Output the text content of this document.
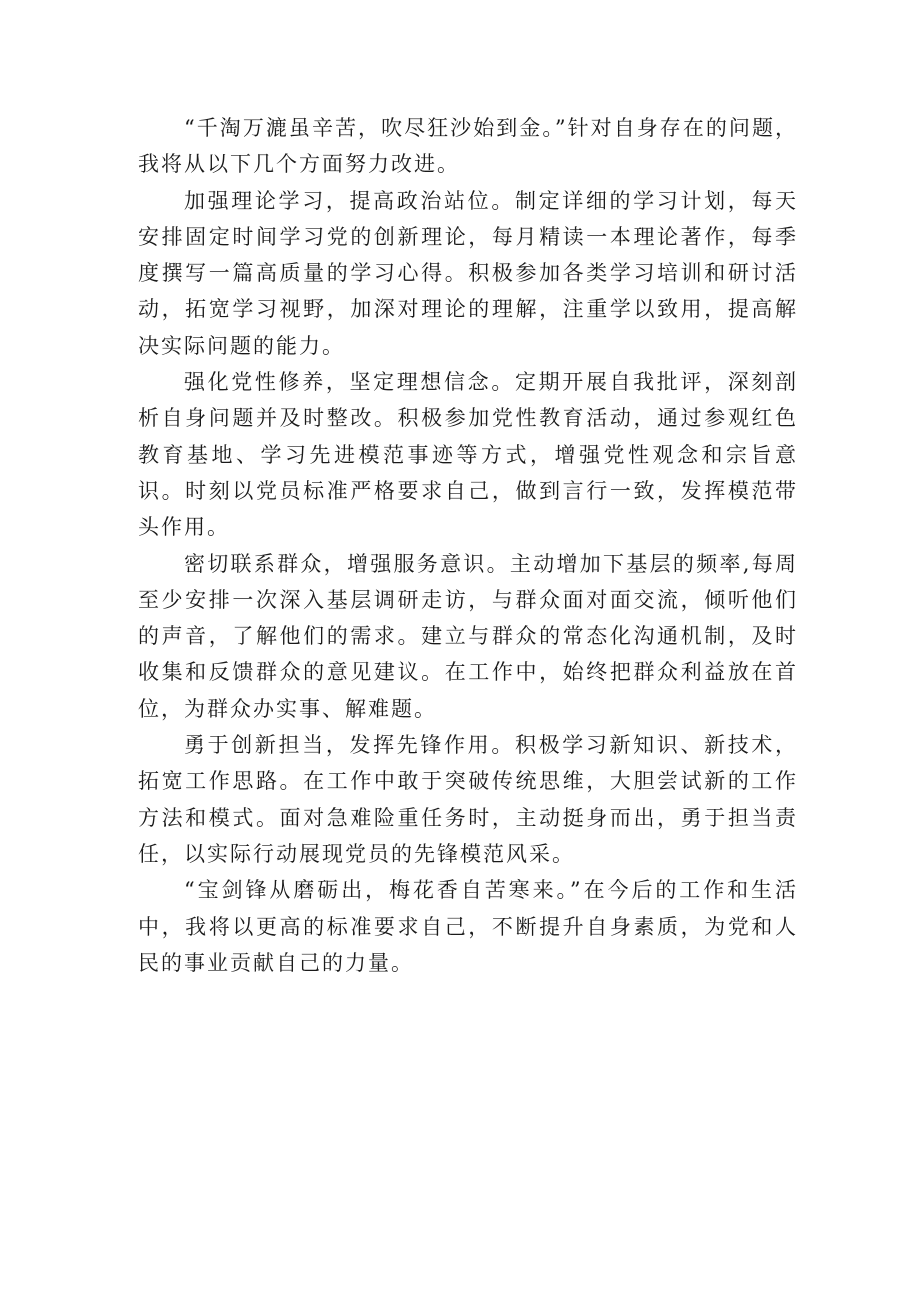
“千淘万漉虽辛苦，吹尽狂沙始到金。”针对自身存在的问题，我将从以下几个方面努力改进。

加强理论学习，提高政治站位。制定详细的学习计划，每天安排固定时间学习党的创新理论，每月精读一本理论著作，每季度撰写一篇高质量的学习心得。积极参加各类学习培训和研讨活动，拓宽学习视野，加深对理论的理解，注重学以致用，提高解决实际问题的能力。

强化党性修养，坚定理想信念。定期开展自我批评，深刻剖析自身问题并及时整改。积极参加党性教育活动，通过参观红色教育基地、学习先进模范事迹等方式，增强党性观念和宗旨意识。时刻以党员标准严格要求自己，做到言行一致，发挥模范带头作用。

密切联系群众，增强服务意识。主动增加下基层的频率,每周至少安排一次深入基层调研走访，与群众面对面交流，倾听他们的声音，了解他们的需求。建立与群众的常态化沟通机制，及时收集和反馈群众的意见建议。在工作中，始终把群众利益放在首位，为群众办实事、解难题。

勇于创新担当，发挥先锋作用。积极学习新知识、新技术，拓宽工作思路。在工作中敢于突破传统思维，大胆尝试新的工作方法和模式。面对急难险重任务时，主动挺身而出，勇于担当责任，以实际行动展现党员的先锋模范风采。

“宝剑锋从磨砺出，梅花香自苦寒来。”在今后的工作和生活中，我将以更高的标准要求自己，不断提升自身素质，为党和人民的事业贡献自己的力量。
